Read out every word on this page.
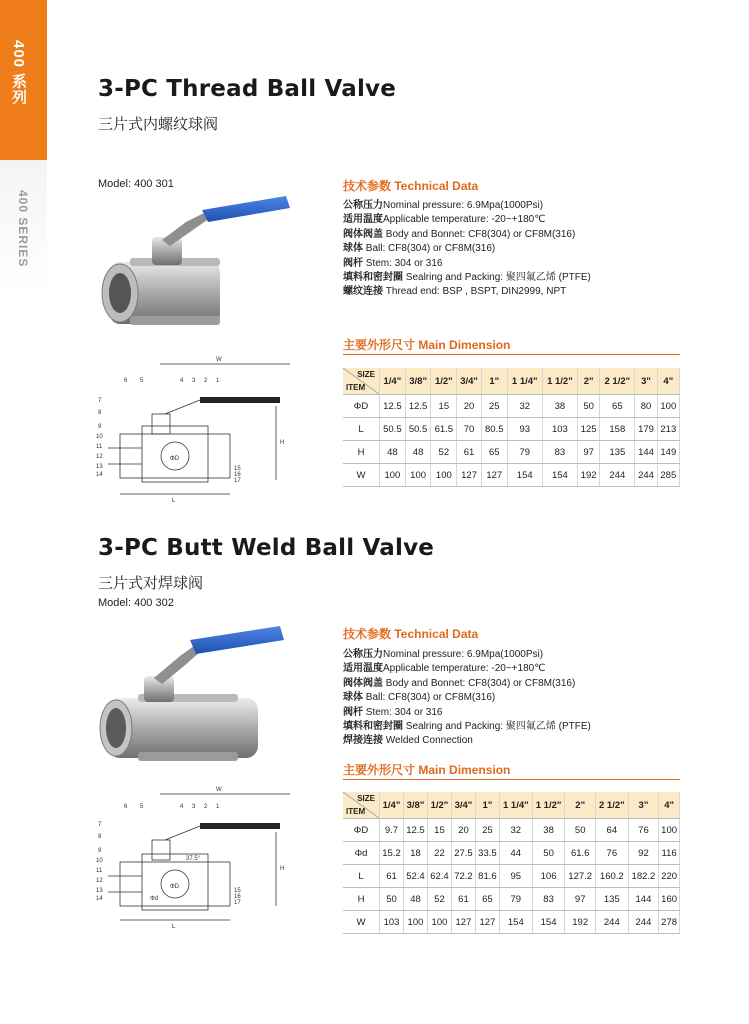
400 系列
400 SERIES
3-PC Thread Ball Valve
三片式内螺纹球阀
Model: 400 301
6 5	4 3 2 1
7
8
9
10
11
12
13
14
15
16
17
W
H
L
ΦD
技术参数 Technical Data
公称压力Nominal pressure: 6.9Mpa(1000Psi)
适用温度Applicable temperature: -20~+180℃
阀体阀盖 Body and Bonnet: CF8(304) or CF8M(316)
球体 Ball: CF8(304) or CF8M(316)
阀杆 Stem: 304 or 316
填料和密封圈 Sealring and Packing: 聚四氟乙烯 (PTFE)
螺纹连接 Thread end: BSP , BSPT, DIN2999, NPT
主要外形尺寸 Main Dimension
SIZE
ITEM	1/4"	3/8"	1/2"	3/4"	1"	1 1/4"	1 1/2"	2"	2 1/2"	3"	4"
ΦD	12.5	12.5	15	20	25	32	38	50	65	80	100
L	50.5	50.5	61.5	70	80.5	93	103	125	158	179	213
H	48	48	52	61	65	79	83	97	135	144	149
W	100	100	100	127	127	154	154	192	244	244	285
3-PC Butt Weld Ball Valve
三片式对焊球阀
Model: 400 302
6 5	4 3 2 1
7
8
9
10
11
12
13
14
15
16
17
W
H
L
ΦD
Φd
37.5°
技术参数 Technical Data
公称压力Nominal pressure: 6.9Mpa(1000Psi)
适用温度Applicable temperature: -20~+180℃
阀体阀盖 Body and Bonnet: CF8(304) or CF8M(316)
球体 Ball: CF8(304) or CF8M(316)
阀杆 Stem: 304 or 316
填料和密封圈 Sealring and Packing: 聚四氟乙烯 (PTFE)
焊接连接 Welded Connection
主要外形尺寸 Main Dimension
SIZE
ITEM	1/4"	3/8"	1/2"	3/4"	1"	1 1/4"	1 1/2"	2"	2 1/2"	3"	4"
ΦD	9.7	12.5	15	20	25	32	38	50	64	76	100
Φd	15.2	18	22	27.5	33.5	44	50	61.6	76	92	116
L	61	52.4	62.4	72.2	81.6	95	106	127.2	160.2	182.2	220
H	50	48	52	61	65	79	83	97	135	144	160
W	103	100	100	127	127	154	154	192	244	244	278
